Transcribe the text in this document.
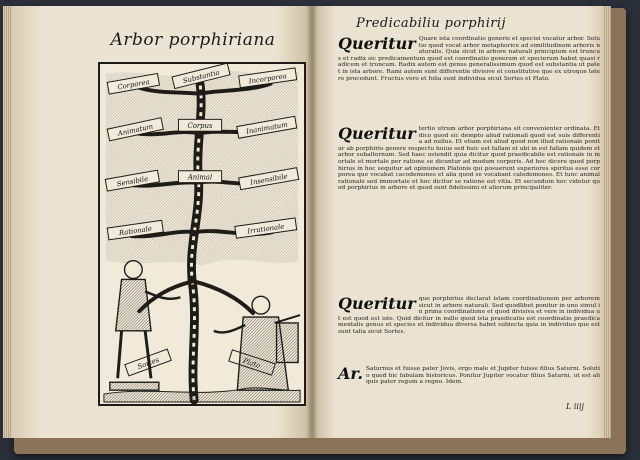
Arbor porphiriana
Corporea	Substantia	Incorporea
Animatum	Corpus	Inanimatum
Sensibile	Animal	Insensibile
Rationale	Irrationale
Sortes
Predicabiliu porphirij
Queritur Quare ista coordinatio generis et speciei vocatur arbor. Solutio quod vocat arbor metaphorice ad similitudinem arboris naturalis. Quia sicut in arbore naturali principium est truncus et radix sic predicamentum quod est coordinatio generum et specierum habet quasi radicem et truncum. Radix autem est genus generalissimum quod est substantia ut patet in ista arbore. Rami autem sunt differentie divisive et constitutive que ex utroque latere procedunt. Fructus vero et folia sunt individua sicut Sortes et Plato.
Queritur tertio utrum arbor porphiriana sit convenienter ordinata. Et dico quod sic dempto aliud rationali quod est suis differentia ad nullus. Et etiam est aliud quod non illud rationale ponitur ab porphirio genere respectu huius sed huic est fallam et ubi in est fallam quidem et arbor subalternum. Sed haec ostendit quia dicitur quod praedicabile est rationale in mortale et mortale per ratione se dicuntur ad modum corporis. Ad hoc dicere quod porphirius in hoc sequitur ad opinionem Platonis qui posuerunt superiores spiritus esse corporea que vocabat cacodemones et alia quod se vocabant calodemones. Et tunc animal rationale sed immortale et hoc dicitur se ratione est vitia. Et secundum hoc videtur quod porphirius in arbore et quod sunt fidelissimi et aliorum principaliter.
Queritur quo porphirius declarat istam coordinationem per arborem sicut in arbore naturali. Sed quodlibet ponitur in uno simul in prima coordinatione et quod divisiva et vere in individua ut est quod est iste. Quid dicitur in nullo quod ista praedicatio est coordinatio praedicamentalis genus et species et individua diversa habet subiecta quia in individuo que est sunt talia sicut Sortes.
Ar. Saturnus et fuisse pater Jovis, ergo male et Jupiter fuisse filius Saturni. Solutio quod hic fabulam historicus. Ponitur Jupiter vocatur filius Saturni, ut est aliquis pater regum a regno. Idem.
L iiij
